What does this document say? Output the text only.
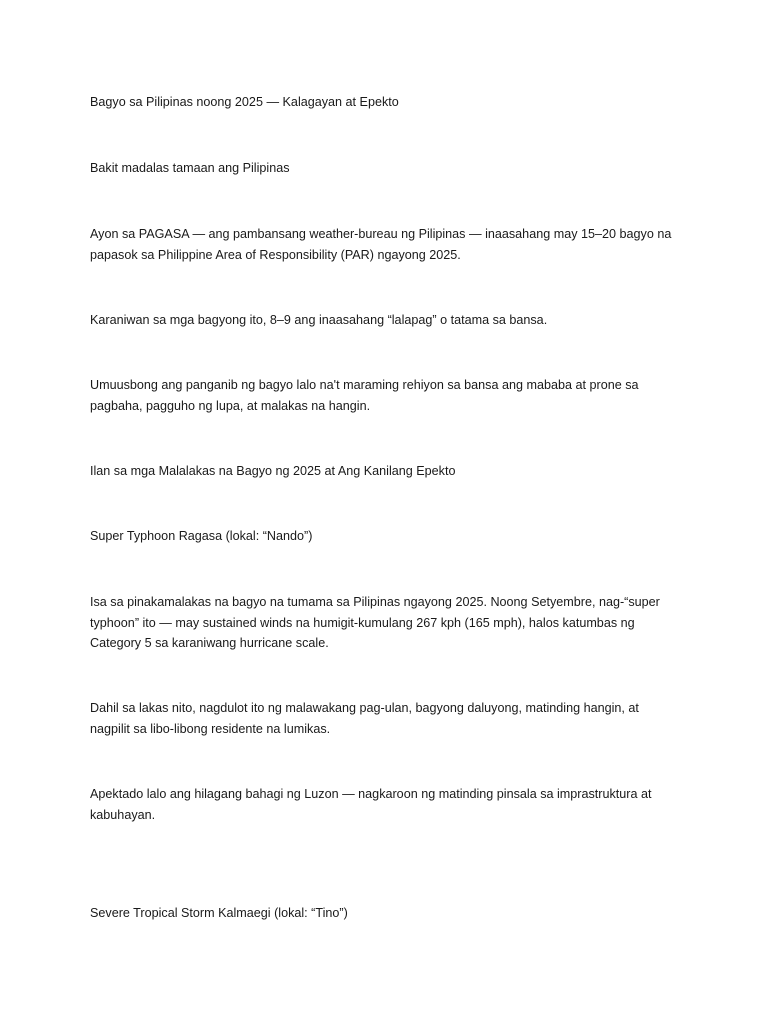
Bagyo sa Pilipinas noong 2025 — Kalagayan at Epekto

Bakit madalas tamaan ang Pilipinas

Ayon sa PAGASA — ang pambansang weather-bureau ng Pilipinas — inaasahang may 15–20 bagyo na papasok sa Philippine Area of Responsibility (PAR) ngayong 2025.

Karaniwan sa mga bagyong ito, 8–9 ang inaasahang “lalapag” o tatama sa bansa.

Umuusbong ang panganib ng bagyo lalo na't maraming rehiyon sa bansa ang mababa at prone sa pagbaha, pagguho ng lupa, at malakas na hangin.

Ilan sa mga Malalakas na Bagyo ng 2025 at Ang Kanilang Epekto

Super Typhoon Ragasa (lokal: “Nando”)

Isa sa pinakamalakas na bagyo na tumama sa Pilipinas ngayong 2025. Noong Setyembre, nag-“super typhoon” ito — may sustained winds na humigit-kumulang 267 kph (165 mph), halos katumbas ng Category 5 sa karaniwang hurricane scale.

Dahil sa lakas nito, nagdulot ito ng malawakang pag-ulan, bagyong daluyong, matinding hangin, at nagpilit sa libo-libong residente na lumikas.

Apektado lalo ang hilagang bahagi ng Luzon — nagkaroon ng matinding pinsala sa imprastruktura at kabuhayan.

Severe Tropical Storm Kalmaegi (lokal: “Tino”)
